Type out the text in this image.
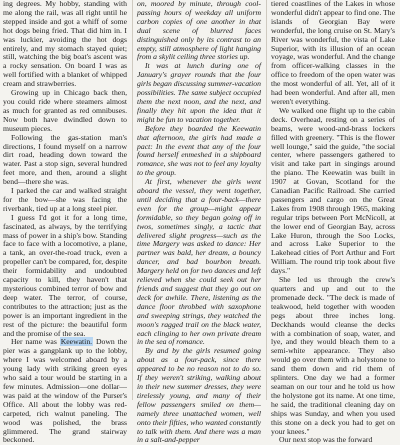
ing degrees. My hobby, standing with me along the rail, was all right until he stepped inside and got a whiff of some hot dogs being fried. That did him in. I was luckier, avoiding the hot dogs entirely, and my stomach stayed quiet; still, watching the big boat's ascent was a rocky sensation. On board I was as well fortified with a blanket of whipped cream and strawberries.

Growing up in Chicago back then, you could ride where steamers almost as much for granted as red omnibuses. Now both have dwindled down to museum pieces.

Following the gas-station man's directions, I found myself on a narrow dirt road, heading down toward the water. Past a stop sign, several hundred feet more, and then, around a slight bend—there she was.

I parked the car and walked straight for the bow—she was facing the riverbank, tied up at a long steel pier.

I guess I'd got it for a long time, fascinated, as always, by the terrifying mass of power in a ship's bow. Standing face to face with a locomotive, a plane, a tank, an over-the-road truck, even a propeller can't be compared, for, despite their formidability and undoubted capacity to kill, they haven't that mysterious combined terror of bow and deep water. The terror, of course, contributes to the attraction; just as the power is an important ingredient in the rest of the picture: the beautiful form and the promise of the sea.

Her name was Keewatin. Down the pier was a gangplank up to the lobby, where I was welcomed aboard by a young lady with striking green eyes who said a tour would be starting in a few minutes. Admission—one dollar—was paid at the window of the Purser's Office. All about the lobby was red-carpeted, rich walnut paneling. The wood was polished, the brass glimmered. The grand stairway beckoned.

on, moored by minute, through cool-passing hours of weekday all uniform carbon copies of one another in that dual scene of blurred faces distinguished only by its contrast to an empty, still atmosphere of light hanging from a skylit ceiling three stories up.

It was at lunch during one of January's grayer rounds that the four girls began discussing summer-vacation possibilities. The same subject occupied them the next noon, and the next, and finally they hit upon the idea that it might be fun to vacation together.

Before they boarded the Keewatin that afternoon, the girls had made a pact: In the event that any of the four found herself enmeshed in a shipboard romance, she was not to feel any loyalty to the group.

At first, whenever the girls went aboard the vessel, they went together, until deciding that a four-back—there even for the group—might appear formidable, so they began going off in twos, sometimes singly, a tactic that delivered slight progress—such as the time Margery was asked to dance: Her partner was bald, her dream, a bouncy dancer, and bad bourbon breath. Margery held on for two dances and left relieved when she could seek out her friends and suggest that they go out on deck for awhile. There, listening as the dance floor throbbed with saxophone and sweeping strings, they watched the moon's ragged trail on the black water, each clinging to her own private dream in the sea of romance.

By and by the girls resumed going about as a four-pack, since there appeared to be no reason not to do so. If they weren't striking, walking about in their new summer dresses, they were tirelessly young, and many of their fellow passengers smiled on them—namely three unattached women, well onto their fifties, who wanted constantly to talk with them. And there was a man in a salt-and-pepper

tiered coastlines of the Lakes in whose wonderful didn't appear to find one. The islands of Georgian Bay were wonderful, the long cruise on St. Mary's River was wonderful, the vista of Lake Superior, with its illusion of an ocean voyage, was wonderful. And the change from officer-walking classes in the office to freedom of the open water was the most wonderful of all. Yet, all of it had been wonderful. And after all, men weren't everything.

We walked one flight up to the cabin deck. Overhead, resting on a series of beams, were wood-and-brass lockers filled with greenery. "This is the flower well lounge," said the guide, "the social center, where passengers gathered to visit and take part in singings around the piano. The Keewatin was built in 1907 at Govan, Scotland for the Canadian Pacific Railroad. She carried passengers and cargo on the Great Lakes from 1908 through 1965, making regular trips between Port McNicoll, at the lower end of Georgian Bay, across Lake Huron, through the Soo Locks, and across Lake Superior to the Lakehead cities of Port Arthur and Fort William. The round trip took about five days."

She led us through the crew's quarters and up and out to the promenade deck. "The deck is made of teakwood, held together with wooden pegs about three inches long. Deckhands would cleanse the decks with a combination of soap, water, and lye, and they would bleach them to a semi-white appearance. They also would go over them with a holystone to sand them down and rid them of splinters. One day we had a former seaman on our tour and he told us how the holystone got its name. At one time, he said, the traditional cleaning day on ships was Sunday, and when you used this stone on a deck you had to get on your knees."

Our next stop was the forward
